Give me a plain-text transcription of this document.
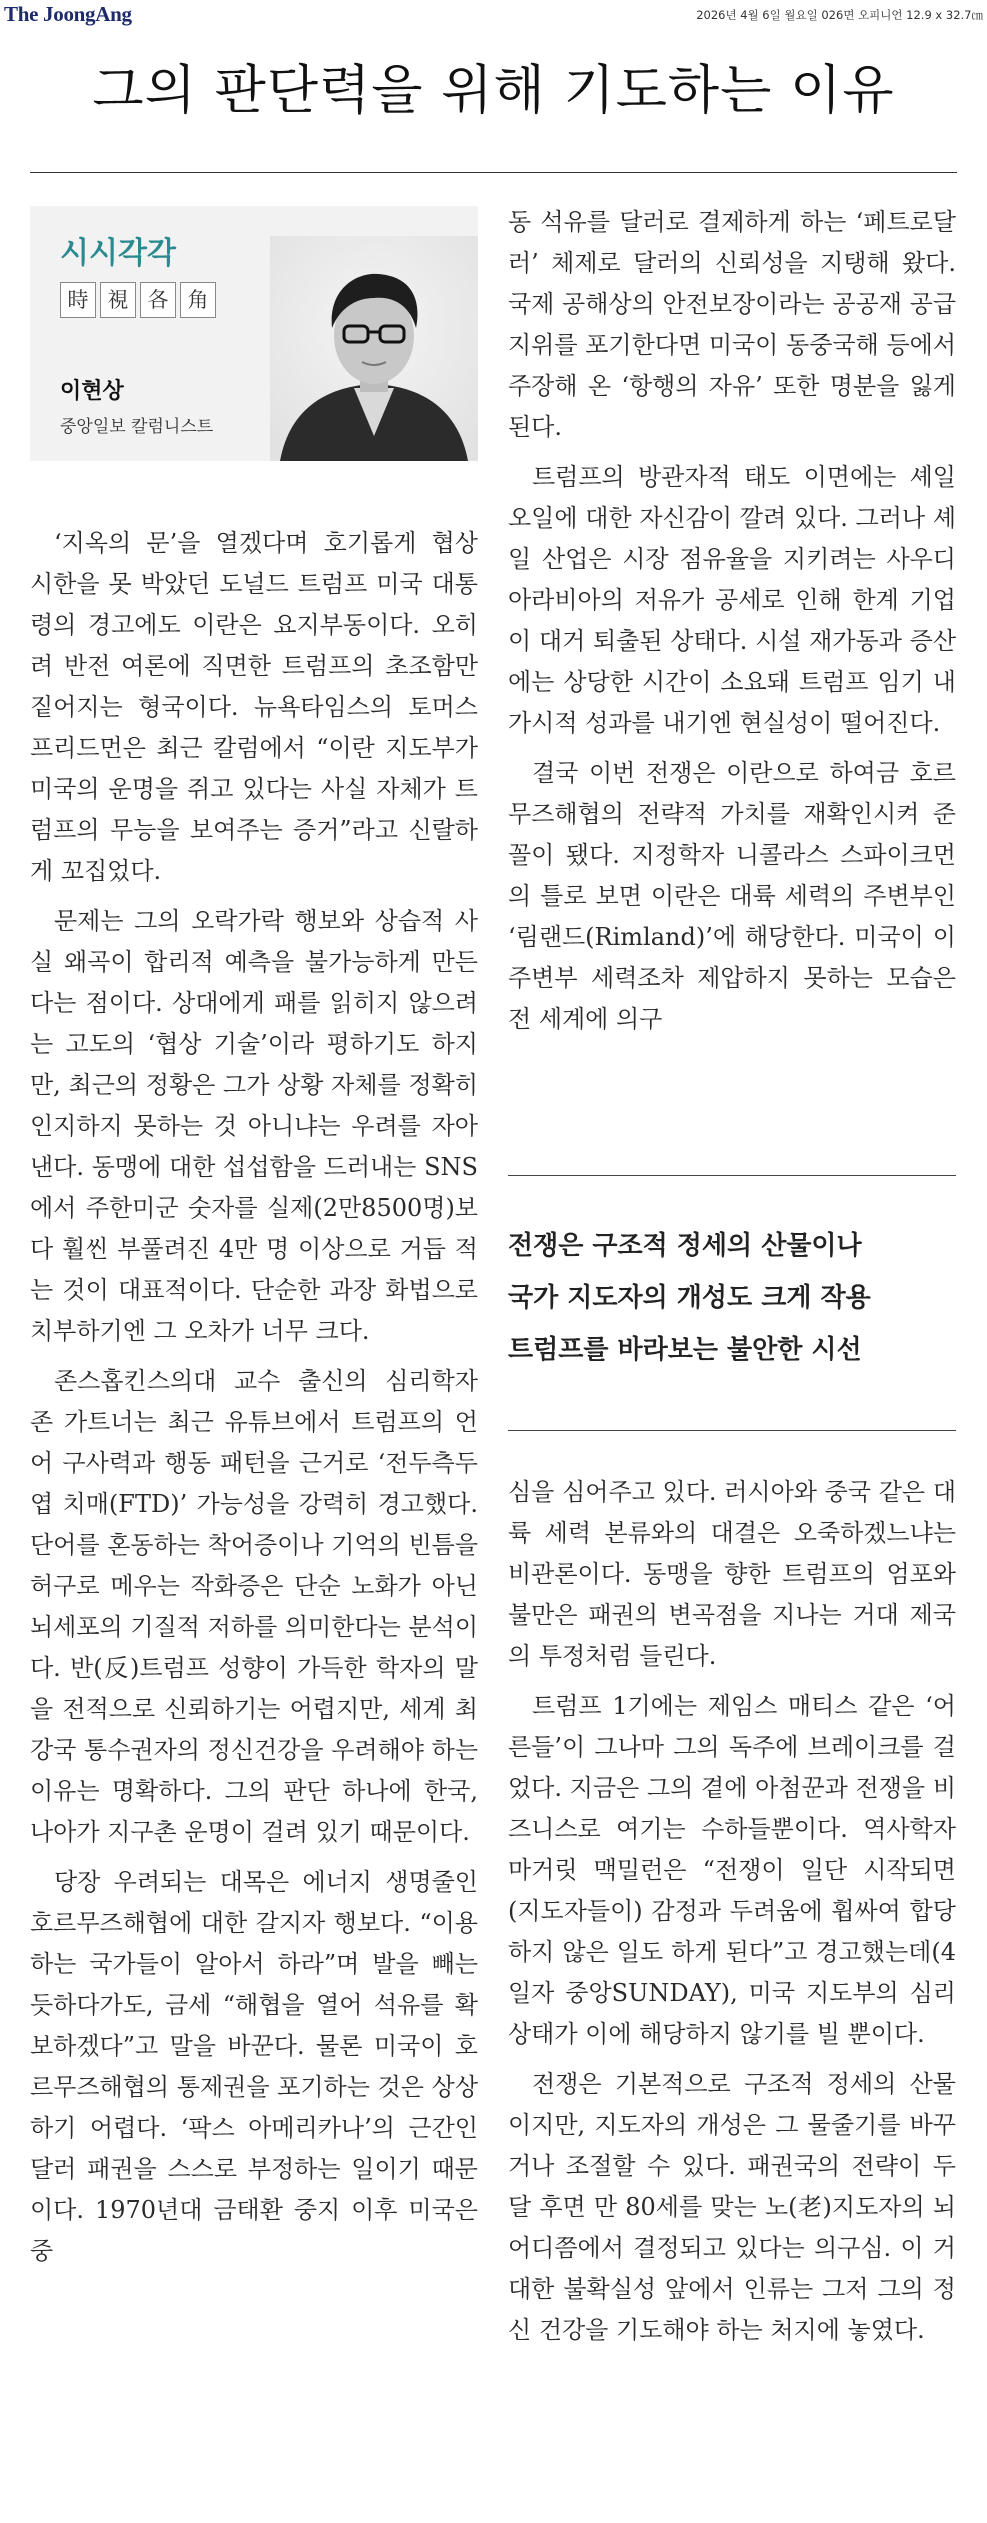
The JoongAng	2026년 4월 6일 월요일 026면 오피니언 12.9 x 32.7㎝
그의 판단력을 위해 기도하는 이유
시시각각
時 視 各 角
이현상
중앙일보 칼럼니스트

‘지옥의 문’을 열겠다며 호기롭게 협상 시한을 못 박았던 도널드 트럼프 미국 대통령의 경고에도 이란은 요지부동이다. 오히려 반전 여론에 직면한 트럼프의 초조함만 짙어지는 형국이다. 뉴욕타임스의 토머스 프리드먼은 최근 칼럼에서 “이란 지도부가 미국의 운명을 쥐고 있다는 사실 자체가 트럼프의 무능을 보여주는 증거”라고 신랄하게 꼬집었다.

문제는 그의 오락가락 행보와 상습적 사실 왜곡이 합리적 예측을 불가능하게 만든다는 점이다. 상대에게 패를 읽히지 않으려는 고도의 ‘협상 기술’이라 평하기도 하지만, 최근의 정황은 그가 상황 자체를 정확히 인지하지 못하는 것 아니냐는 우려를 자아낸다. 동맹에 대한 섭섭함을 드러내는 SNS에서 주한미군 숫자를 실제(2만8500명)보다 훨씬 부풀려진 4만 명 이상으로 거듭 적는 것이 대표적이다. 단순한 과장 화법으로 치부하기엔 그 오차가 너무 크다.

존스홉킨스의대 교수 출신의 심리학자 존 가트너는 최근 유튜브에서 트럼프의 언어 구사력과 행동 패턴을 근거로 ‘전두측두엽 치매(FTD)’ 가능성을 강력히 경고했다. 단어를 혼동하는 착어증이나 기억의 빈틈을 허구로 메우는 작화증은 단순 노화가 아닌 뇌세포의 기질적 저하를 의미한다는 분석이다. 반(反)트럼프 성향이 가득한 학자의 말을 전적으로 신뢰하기는 어렵지만, 세계 최강국 통수권자의 정신건강을 우려해야 하는 이유는 명확하다. 그의 판단 하나에 한국, 나아가 지구촌 운명이 걸려 있기 때문이다.

당장 우려되는 대목은 에너지 생명줄인 호르무즈해협에 대한 갈지자 행보다. “이용하는 국가들이 알아서 하라”며 발을 빼는 듯하다가도, 금세 “해협을 열어 석유를 확보하겠다”고 말을 바꾼다. 물론 미국이 호르무즈해협의 통제권을 포기하는 것은 상상하기 어렵다. ‘팍스 아메리카나’의 근간인 달러 패권을 스스로 부정하는 일이기 때문이다. 1970년대 금태환 중지 이후 미국은 중

동 석유를 달러로 결제하게 하는 ‘페트로달러’ 체제로 달러의 신뢰성을 지탱해 왔다. 국제 공해상의 안전보장이라는 공공재 공급 지위를 포기한다면 미국이 동중국해 등에서 주장해 온 ‘항행의 자유’ 또한 명분을 잃게 된다.

트럼프의 방관자적 태도 이면에는 셰일 오일에 대한 자신감이 깔려 있다. 그러나 셰일 산업은 시장 점유율을 지키려는 사우디아라비아의 저유가 공세로 인해 한계 기업이 대거 퇴출된 상태다. 시설 재가동과 증산에는 상당한 시간이 소요돼 트럼프 임기 내 가시적 성과를 내기엔 현실성이 떨어진다.

결국 이번 전쟁은 이란으로 하여금 호르무즈해협의 전략적 가치를 재확인시켜 준 꼴이 됐다. 지정학자 니콜라스 스파이크먼의 틀로 보면 이란은 대륙 세력의 주변부인 ‘림랜드(Rimland)’에 해당한다. 미국이 이 주변부 세력조차 제압하지 못하는 모습은 전 세계에 의구

전쟁은 구조적 정세의 산물이나
국가 지도자의 개성도 크게 작용
트럼프를 바라보는 불안한 시선

심을 심어주고 있다. 러시아와 중국 같은 대륙 세력 본류와의 대결은 오죽하겠느냐는 비관론이다. 동맹을 향한 트럼프의 엄포와 불만은 패권의 변곡점을 지나는 거대 제국의 투정처럼 들린다.

트럼프 1기에는 제임스 매티스 같은 ‘어른들’이 그나마 그의 독주에 브레이크를 걸었다. 지금은 그의 곁에 아첨꾼과 전쟁을 비즈니스로 여기는 수하들뿐이다. 역사학자 마거릿 맥밀런은 “전쟁이 일단 시작되면 (지도자들이) 감정과 두려움에 휩싸여 합당하지 않은 일도 하게 된다”고 경고했는데(4일자 중앙SUNDAY), 미국 지도부의 심리 상태가 이에 해당하지 않기를 빌 뿐이다.

전쟁은 기본적으로 구조적 정세의 산물이지만, 지도자의 개성은 그 물줄기를 바꾸거나 조절할 수 있다. 패권국의 전략이 두 달 후면 만 80세를 맞는 노(老)지도자의 뇌 어디쯤에서 결정되고 있다는 의구심. 이 거대한 불확실성 앞에서 인류는 그저 그의 정신 건강을 기도해야 하는 처지에 놓였다.
